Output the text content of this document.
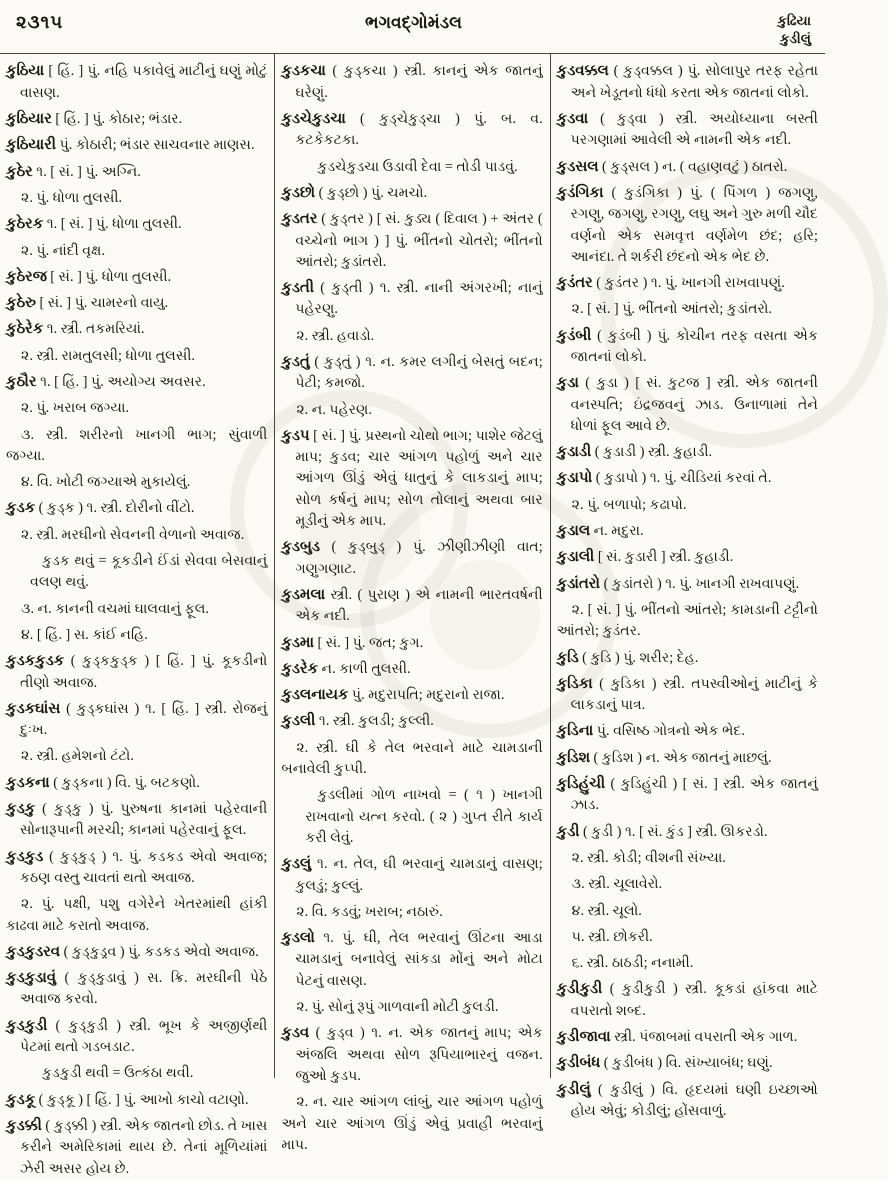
૨૩૧૫	ભગવદ્ગોમંડલ	કુઢિયા
કુડીલું

કુઠિયા [ હિં. ] પું. નહિ પકાવેલું માટીનું ઘણું મોટું વાસણ.

કુઠિયાર [ હિં. ] પું. કોઠાર; ભંડાર.

કુઠિયારી પું. કોઠારી; ભંડાર સાચવનાર માણસ.

કુઠેર ૧. [ સં. ] પું. અગ્નિ.

૨. પું. ધોળા તુલસી.

કુઠેરક ૧. [ સં. ] પું. ધોળા તુલસી.

૨. પું. નાંદી વૃક્ષ.

કુઠેરજ [ સં. ] પું. ધોળા તુલસી.

કુઠેરુ [ સં. ] પું. ચામરનો વાયુ.

કુઠેરેક ૧. સ્ત્રી. તકમરિયાં.

૨. સ્ત્રી. રામતુલસી; ધોળા તુલસી.

કુઠૌર ૧. [ હિં. ] પું. અયોગ્ય અવસર.

૨. પું. ખરાબ જગ્યા.

૩. સ્ત્રી. શરીરનો ખાનગી ભાગ; સુંવાળી જગ્યા.

૪. વિ. ખોટી જગ્યાએ મુકાયેલું.

કુડક ( કુડ્ક ) ૧. સ્ત્રી. દોરીનો વીંટો.

૨. સ્ત્રી. મરઘીનો સેવનની વેળાનો અવાજ.

કુડક થવું = કૂકડીને ઈંડાં સેવવા બેસવાનું વલણ થવું.

૩. ન. કાનની વચમાં ઘાલવાનું ફૂલ.

૪. [ હિં. ] સ. કાંઈ નહિ.

કુડકકુડક ( કુડ્કકુડ્ક ) [ હિં. ] પું. કૂકડીનો તીણો અવાજ.

કુડકઘાંસ ( કુડ્કઘાંસ ) ૧. [ હિં. ] સ્ત્રી. રોજનું દુઃખ.

૨. સ્ત્રી. હમેશનો ટંટો.

કુડકના ( કુડ્કના ) વિ. પું. બટકણો.

કુડકુ ( કુડ્કુ ) પું. પુરુષના કાનમાં પહેરવાની સોનારૂપાની મરચી; કાનમાં પહેરવાનું ફૂલ.

કુડકુડ ( કુડ્કુડ્ ) ૧. પું. કડકડ એવો અવાજ; કઠણ વસ્તુ ચાવતાં થતો અવાજ.

૨. પું. પક્ષી, પશુ વગેરેને ખેતરમાંથી હાંકી કાઢવા માટે કરાતો અવાજ.

કુડકુડરવ ( કુડ્કુડ્રવ ) પું. કડકડ એવો અવાજ.

કુડકુડાવું ( કુડ્કુડાવું ) સ. ક્રિ. મરઘીની પેઠે અવાજ કરવો.

કુડકુડી ( કુડ્કુડી ) સ્ત્રી. ભૂખ કે અજીર્ણથી પેટમાં થતો ગડબડાટ.

કુડકુડી થવી = ઉત્કંઠા થવી.

કુડકૂ ( કુડ્કૂ ) [ હિં. ] પું. આખો કાચો વટાણો.

કુડક્કી ( કુડ્ક્કી ) સ્ત્રી. એક જાતનો છોડ. તે ખાસ કરીને અમેરિકામાં થાય છે. તેનાં મૂળિયાંમાં ઝેરી અસર હોય છે.

કુડકચા ( કુડ્કચા ) સ્ત્રી. કાનનું એક જાતનું ઘરેણું.

કુડચેકુડચા ( કુડ્ચેકુડ્ચા ) પું. બ. વ. કટકેકટકા.

કુડચેકુડચા ઉડાવી દેવા = તોડી પાડવું.

કુડછો ( કુડ્છો ) પું. ચમચો.

કુડતર ( કુડ્તર ) [ સં. કુડ્ય ( દિવાલ ) + અંતર ( વચ્ચેનો ભાગ ) ] પું. ભીંતનો ચોતરો; ભીંતનો આંતરો; કુડાંતરો.

કુડતી ( કુડ્તી ) ૧. સ્ત્રી. નાની અંગરખી; નાનું પહેરણુ.

૨. સ્ત્રી. હવાડો.

કુડતું ( કુડ્તું ) ૧. ન. કમર લગીનું બેસતું બદન; પેટી; કમજો.

૨. ન. પહેરણ.

કુડપ [ સં. ] પું. પ્રસ્થનો ચોથો ભાગ; પાશેર જેટલું માપ; કુડવ; ચાર આંગળ પહોળું અને ચાર આંગળ ઊંડું એવું ધાતુનું કે લાકડાનું માપ; સોળ કર્ષનું માપ; સોળ તોલાનું અથવા બાર મૂડીનું એક માપ.

કુડબુડ ( કુડ્બુડ્ ) પું. ઝીણીઝીણી વાત; ગણુગણાટ.

કુડમલા સ્ત્રી. ( પુરાણ ) એ નામની ભારતવર્ષની એક નદી.

કુડમા [ સં. ] પું. જત; કુગ.

કુડરેક ન. કાળી તુલસી.

કુડલનાયક પું. મદુરાપતિ; મદુરાનો રાજા.

કુડલી ૧. સ્ત્રી. કુલડી; કુલ્લી.

૨. સ્ત્રી. ઘી કે તેલ ભરવાને માટે ચામડાની બનાવેલી કુપ્પી.

કુડલીમાં ગોળ નાખવો = ( ૧ ) ખાનગી રાખવાનો યત્ન કરવો. ( ૨ ) ગુપ્ત રીતે કાર્ય કરી લેવું.

કુડલું ૧. ન. તેલ, ઘી ભરવાનું ચામડાનું વાસણ; કુલડું; કુલ્લું.

૨. વિ. કડવું; ખરાબ; નઠારું.

કુડલો ૧. પું. ઘી, તેલ ભરવાનું ઊંટના આડા ચામડાનું બનાવેલું સાંકડા મોંનું અને મોટા પેટનું વાસણ.

૨. પું. સોનું રૂપું ગાળવાની મોટી કુલડી.

કુડવ ( કુડ્વ ) ૧. ન. એક જાતનું માપ; એક અંજલિ અથવા સોળ રૂપિયાભારનું વજન. જુઓ કુડપ.

૨. ન. ચાર આંગળ લાંબું, ચાર આંગળ પહોળું અને ચાર આંગળ ઊંડું એવું પ્રવાહી ભરવાનું માપ.

કુડવક્કલ ( કુડ્વક્કલ ) પું. સોલાપુર તરફ રહેતા અને ખેડૂતનો ધંધો કરતા એક જાતનાં લોકો.

કુડવા ( કુડ્વા ) સ્ત્રી. અયોધ્યાના બસ્તી પરગણામાં આવેલી એ નામની એક નદી.

કુડસલ ( કુડ્સલ ) ન. ( વહાણવટું ) ઠાતરો.

કુડંગિકા ( કુડંગિકા ) પું. ( પિંગળ ) જગણુ, રગણુ, જગણુ, રગણુ, લઘુ અને ગુરુ મળી ચૌદ વર્ણનો એક સમવૃત્ત વર્ણમેળ છંદ; હરિ; આનંદા. તે શર્કરી છંદનો એક ભેદ છે.

કુડંતર ( કુડંતર ) ૧. પું. ખાનગી રાખવાપણું.

૨. [ સં. ] પું. ભીંતનો આંતરો; કુડાંતરો.

કુડંબી ( કુડંબી ) પું. કોચીન તરફ વસતા એક જાતનાં લોકો.

કુડા ( કુડા ) [ સં. કુટજ ] સ્ત્રી. એક જાતની વનસ્પતિ; ઇંદ્રજવનું ઝાડ. ઉનાળામાં તેને ધોળાં ફૂલ આવે છે.

કુડાડી ( કુડાડી ) સ્ત્રી. કુહાડી.

કુડાપો ( કુડાપો ) ૧. પું. ચીડિયાં કરવાં તે.

૨. પું. બળાપો; કઢાપો.

કુડાલ ન. મદુરા.

કુડાલી [ સં. કુડારી ] સ્ત્રી. કુહાડી.

કુડાંતરો ( કુડાંતરો ) ૧. પું. ખાનગી રાખવાપણું.

૨. [ સં. ] પું. ભીંતનો આંતરો; કામડાની ટટ્ટીનો આંતરો; કુડંતર.

કુડિ ( કુડિ ) પું. શરીર; દેહ.

કુડિકા ( કુડિકા ) સ્ત્રી. તપસ્વીઓનું માટીનું કે લાકડાનું પાત્ર.

કુડિના પું. વસિષ્ઠ ગોત્રનો એક ભેદ.

કુડિશ ( કુડિશ ) ન. એક જાતનું માછલું.

કુડિહુંચી ( કુડિહુંચી ) [ સં. ] સ્ત્રી. એક જાતનું ઝાડ.

કુડી ( કુડી ) ૧. [ સં. કુંડ ] સ્ત્રી. ઊકરડો.

૨. સ્ત્રી. કોડી; વીશની સંખ્યા.

૩. સ્ત્રી. ચૂલાવેરો.

૪. સ્ત્રી. ચૂલો.

૫. સ્ત્રી. છોકરી.

૬. સ્ત્રી. ઠાઠડી; નનામી.

કુડીકુડી ( કુડીકુડી ) સ્ત્રી. કૂકડાં હાંકવા માટે વપરાતો શબ્દ.

કુડીજાવા સ્ત્રી. પંજાબમાં વપરાતી એક ગાળ.

કુડીબંધ ( કુડીબંધ ) વિ. સંખ્યાબંધ; ઘણું.

કુડીલું ( કુડીલું ) વિ. હૃદયમાં ઘણી ઇચ્છાઓ હોય એવું; કોડીલું; હોંસવાળું.
